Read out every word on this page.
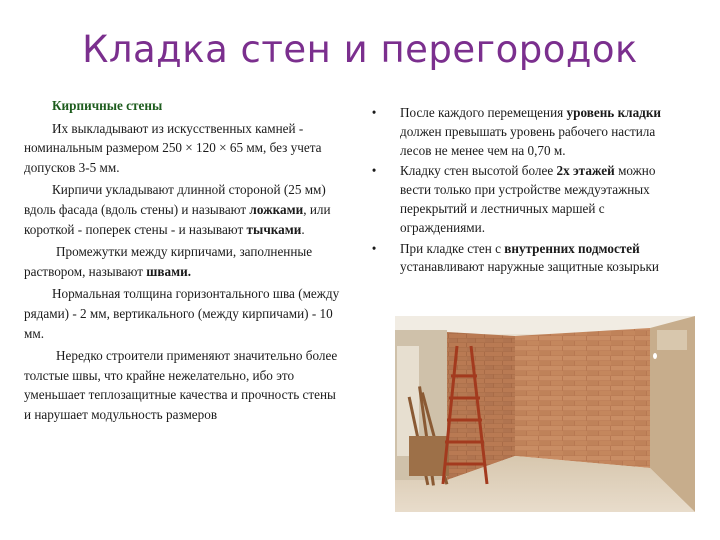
Кладка стен и перегородок
Кирпичные стены

Их выкладывают из искусственных камней - номинальным размером 250 × 120 × 65 мм, без учета допусков 3-5 мм.

Кирпичи укладывают длинной стороной (25 мм) вдоль фасада (вдоль стены) и называют ложками, или короткой - поперек стены - и называют тычками.

Промежутки между кирпичами, заполненные раствором, называют швами.

Нормальная толщина горизонтального шва (между рядами) - 2 мм, вертикального (между кирпичами) - 10 мм.

Нередко строители применяют значительно более толстые швы, что крайне нежелательно, ибо это уменьшает теплозащитные качества и прочность стены и нарушает модульность размеров

• После каждого перемещения уровень кладки должен превышать уровень рабочего настила лесов не менее чем на 0,70 м.
• Кладку стен высотой более 2х этажей можно вести только при устройстве междуэтажных перекрытий и лестничных маршей с ограждениями.
• При кладке стен с внутренних подмостей устанавливают наружные защитные козырьки
